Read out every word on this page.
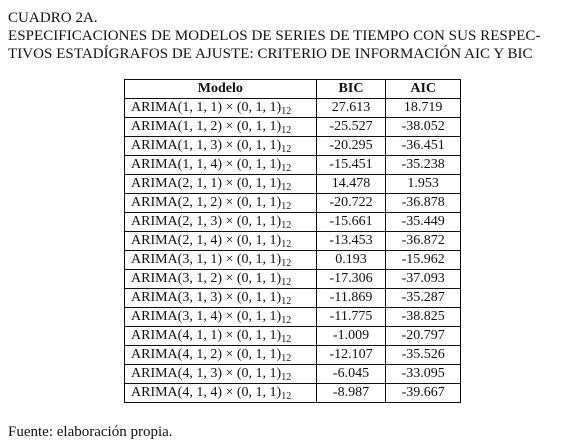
CUADRO 2A.
ESPECIFICACIONES DE MODELOS DE SERIES DE TIEMPO CON SUS RESPEC-
TIVOS ESTADÍGRAFOS DE AJUSTE: CRITERIO DE INFORMACIÓN AIC Y BIC
Modelo	BIC	AIC
ARIMA(1, 1, 1) × (0, 1, $1)_{12}$	27.613	18.719
ARIMA(1, 1, 2) × (0, 1, $1)_{12}$	-25.527	-38.052
ARIMA(1, 1, 3) × (0, 1, $1)_{12}$	-20.295	-36.451
ARIMA(1, 1, 4) × (0, 1, $1)_{12}$	-15.451	-35.238
ARIMA(2, 1, 1) × (0, 1, $1)_{12}$	14.478	1.953
ARIMA(2, 1, 2) × (0, 1, $1)_{12}$	-20.722	-36.878
ARIMA(2, 1, 3) × (0, 1, $1)_{12}$	-15.661	-35.449
ARIMA(2, 1, 4) × (0, 1, $1)_{12}$	-13.453	-36.872
ARIMA(3, 1, 1) × (0, 1, $1)_{12}$	0.193	-15.962
ARIMA(3, 1, 2) × (0, 1, $1)_{12}$	-17.306	-37.093
ARIMA(3, 1, 3) × (0, 1, $1)_{12}$	-11.869	-35.287
ARIMA(3, 1, 4) × (0, 1, $1)_{12}$	-11.775	-38.825
ARIMA(4, 1, 1) × (0, 1, $1)_{12}$	-1.009	-20.797
ARIMA(4, 1, 2) × (0, 1, $1)_{12}$	-12.107	-35.526
ARIMA(4, 1, 3) × (0, 1, $1)_{12}$	-6.045	-33.095
ARIMA(4, 1, 4) × (0, 1, $1)_{12}$	-8.987	-39.667
Fuente: elaboración propia.
